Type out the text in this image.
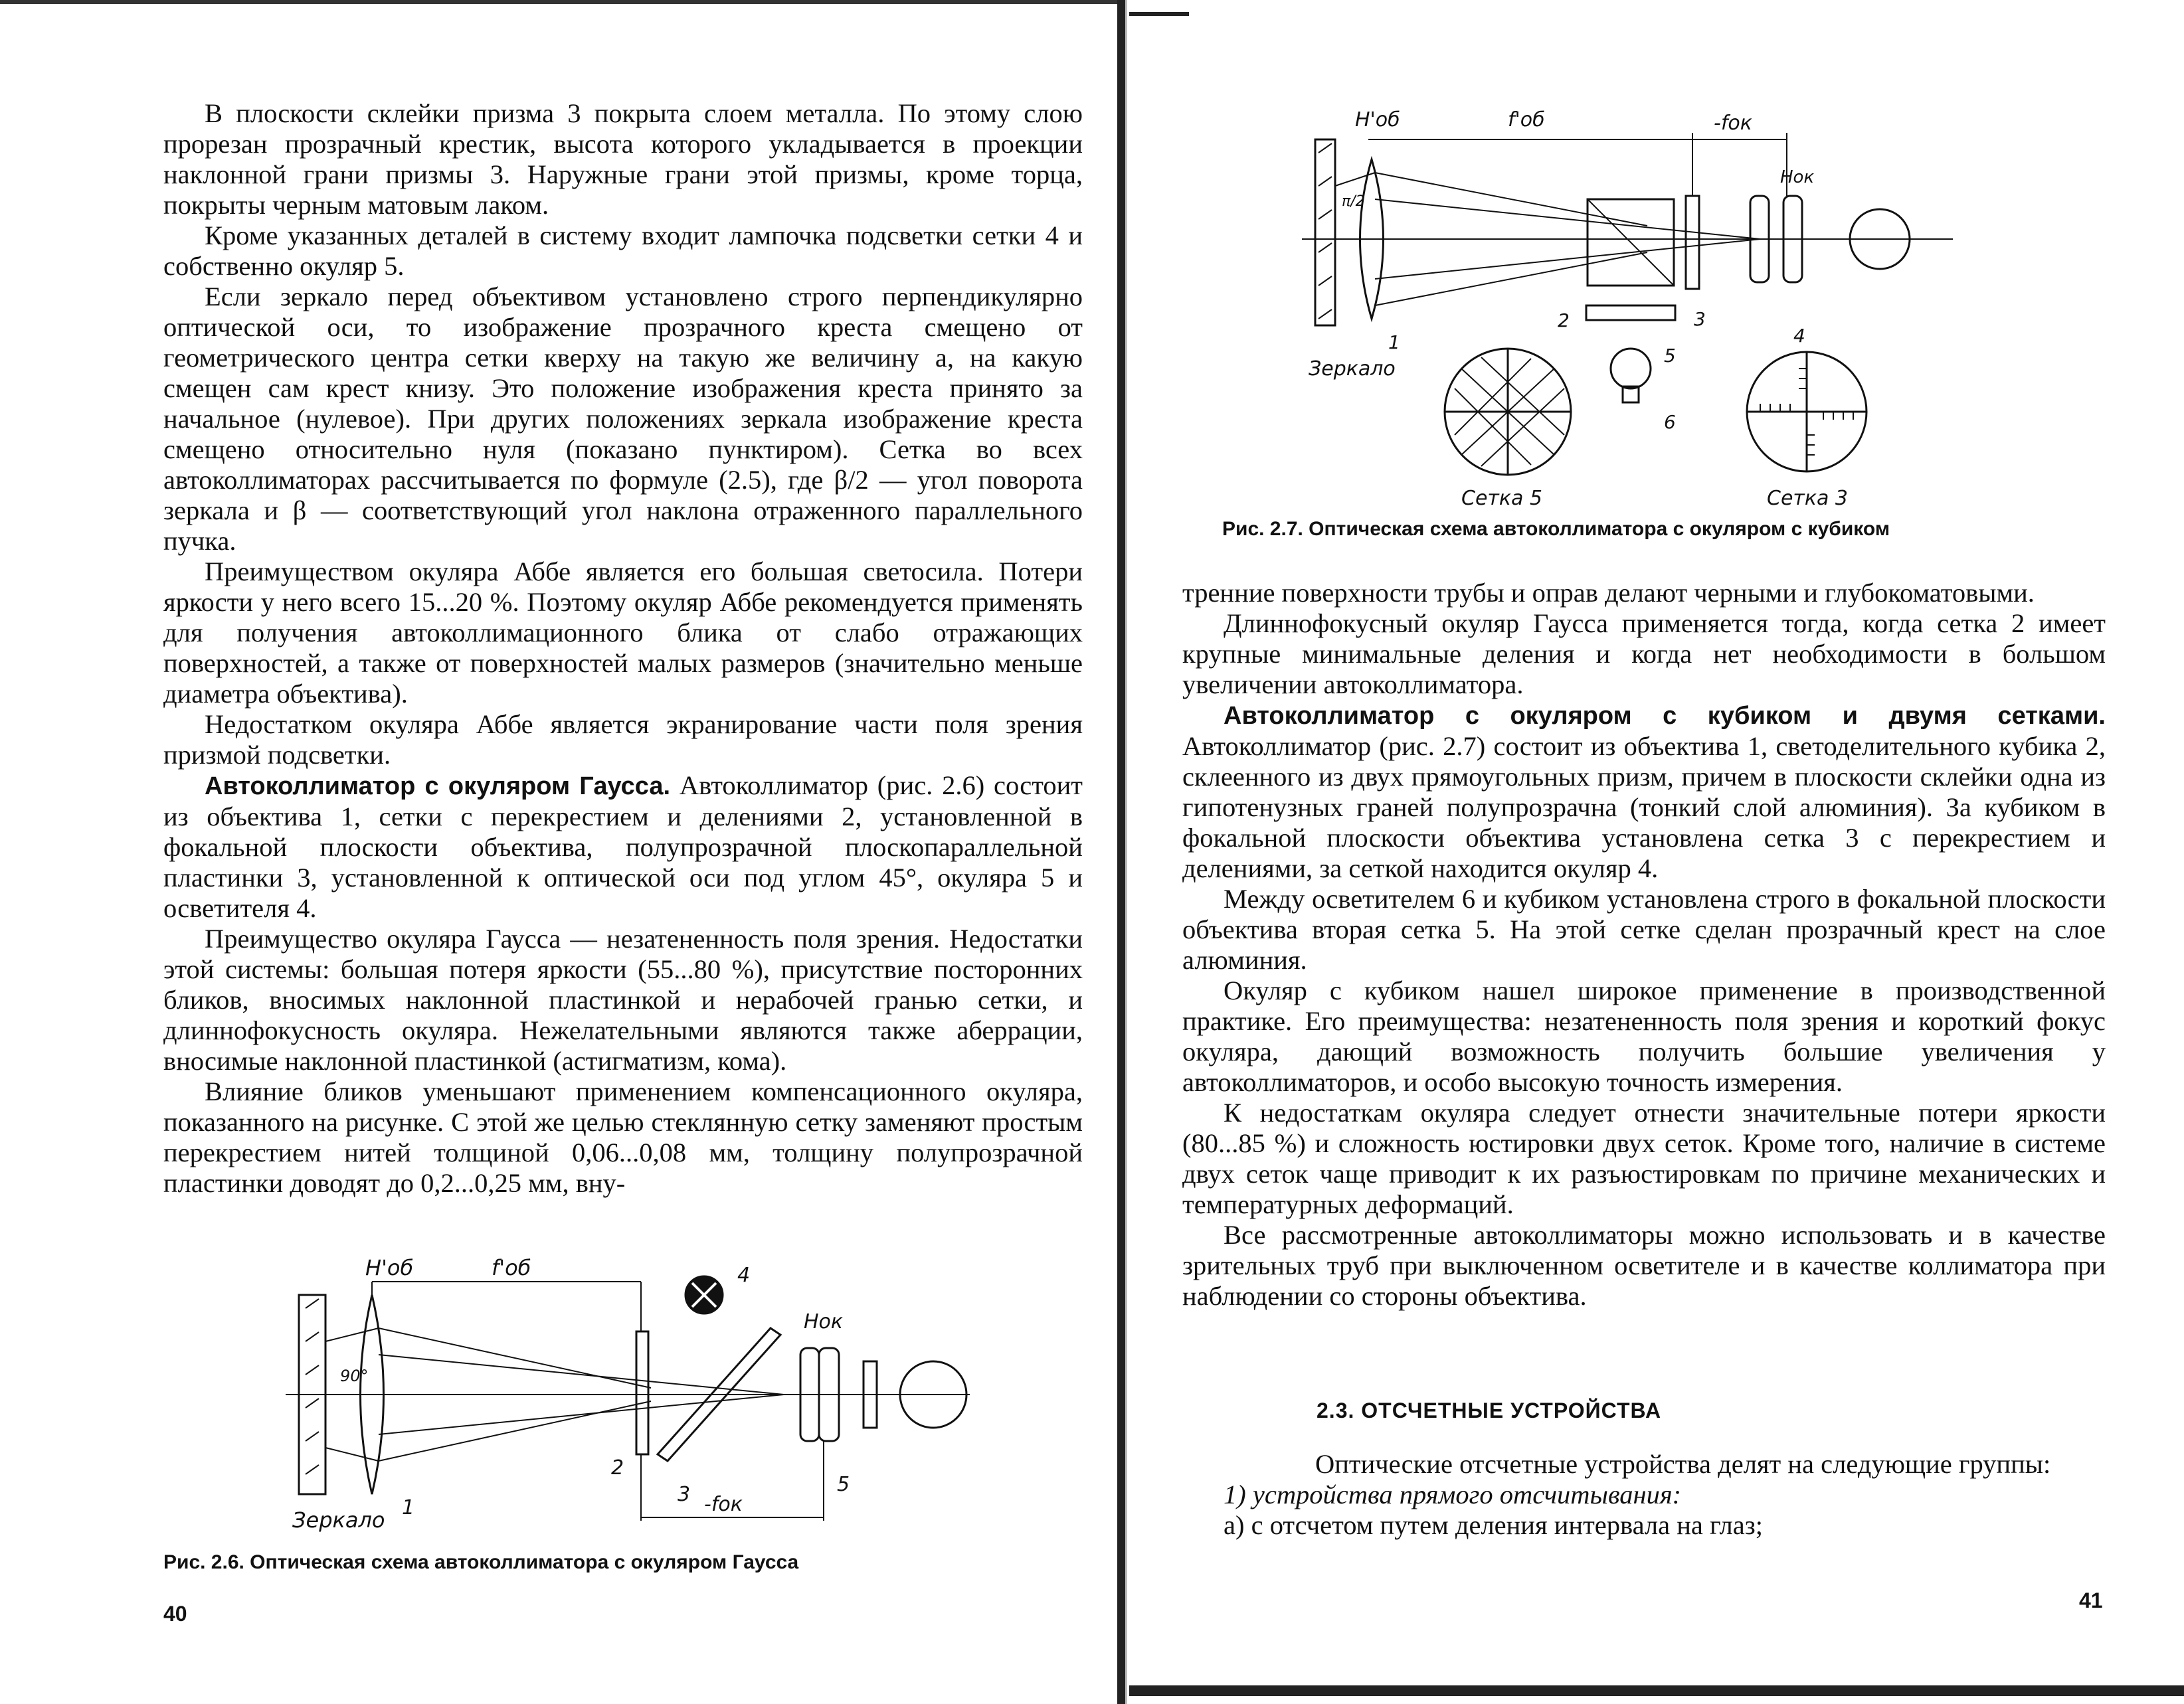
В плоскости склейки призма 3 покрыта слоем металла. По этому слою прорезан прозрачный крестик, высота которого укладывается в проекции наклонной грани призмы 3. Наружные грани этой призмы, кроме торца, покрыты черным матовым лаком.

Кроме указанных деталей в систему входит лампочка подсветки сетки 4 и собственно окуляр 5.

Если зеркало перед объективом установлено строго перпендикулярно оптической оси, то изображение прозрачного креста смещено от геометрического центра сетки кверху на такую же величину a, на какую смещен сам крест книзу. Это положение изображения креста принято за начальное (нулевое). При других положениях зеркала изображение креста смещено относительно нуля (показано пунктиром). Сетка во всех автоколлиматорах рассчитывается по формуле (2.5), где β/2 — угол поворота зеркала и β — соответствующий угол наклона отраженного параллельного пучка.

Преимуществом окуляра Аббе является его большая светосила. Потери яркости у него всего 15...20 %. Поэтому окуляр Аббе рекомендуется применять для получения автоколлимационного блика от слабо отражающих поверхностей, а также от поверхностей малых размеров (значительно меньше диаметра объектива).

Недостатком окуляра Аббе является экранирование части поля зрения призмой подсветки.

Автоколлиматор с окуляром Гаусса. Автоколлиматор (рис. 2.6) состоит из объектива 1, сетки с перекрестием и делениями 2, установленной в фокальной плоскости объектива, полупрозрачной плоскопараллельной пластинки 3, установленной к оптической оси под углом 45°, окуляра 5 и осветителя 4.

Преимущество окуляра Гаусса — незатененность поля зрения. Недостатки этой системы: большая потеря яркости (55...80 %), присутствие посторонних бликов, вносимых наклонной пластинкой и нерабочей гранью сетки, и длиннофокусность окуляра. Нежелательными являются также аберрации, вносимые наклонной пластинкой (астигматизм, кома).

Влияние бликов уменьшают применением компенсационного окуляра, показанного на рисунке. С этой же целью стеклянную сетку заменяют простым перекрестием нитей толщиной 0,06...0,08 мм, толщину полупрозрачной пластинки доводят до 0,2...0,25 мм, вну-

H'об	f'об
-fок
Hок
90°
Зеркало 1
2
3
4
5
Рис. 2.6. Оптическая схема автоколлиматора с окуляром Гаусса
40
H'об	f'об	-fок
Hок
π/2
Зеркало
1
2	3
4
5
6
Сетка 5	Сетка 3
Рис. 2.7. Оптическая схема автоколлиматора с окуляром с кубиком

тренние поверхности трубы и оправ делают черными и глубокоматовыми.

Длиннофокусный окуляр Гаусса применяется тогда, когда сетка 2 имеет крупные минимальные деления и когда нет необходимости в большом увеличении автоколлиматора.

Автоколлиматор с окуляром с кубиком и двумя сетками. Автоколлиматор (рис. 2.7) состоит из объектива 1, светоделительного кубика 2, склеенного из двух прямоугольных призм, причем в плоскости склейки одна из гипотенузных граней полупрозрачна (тонкий слой алюминия). За кубиком в фокальной плоскости объектива установлена сетка 3 с перекрестием и делениями, за сеткой находится окуляр 4.

Между осветителем 6 и кубиком установлена строго в фокальной плоскости объектива вторая сетка 5. На этой сетке сделан прозрачный крест на слое алюминия.

Окуляр с кубиком нашел широкое применение в производственной практике. Его преимущества: незатененность поля зрения и короткий фокус окуляра, дающий возможность получить большие увеличения у автоколлиматоров, и особо высокую точность измерения.

К недостаткам окуляра следует отнести значительные потери яркости (80...85 %) и сложность юстировки двух сеток. Кроме того, наличие в системе двух сеток чаще приводит к их разъюстировкам по причине механических и температурных деформаций.

Все рассмотренные автоколлиматоры можно использовать и в качестве зрительных труб при выключенном осветителе и в качестве коллиматора при наблюдении со стороны объектива.

2.3. ОТСЧЕТНЫЕ УСТРОЙСТВА

Оптические отсчетные устройства делят на следующие группы:

1) устройства прямого отсчитывания:

а) с отсчетом путем деления интервала на глаз;

41
